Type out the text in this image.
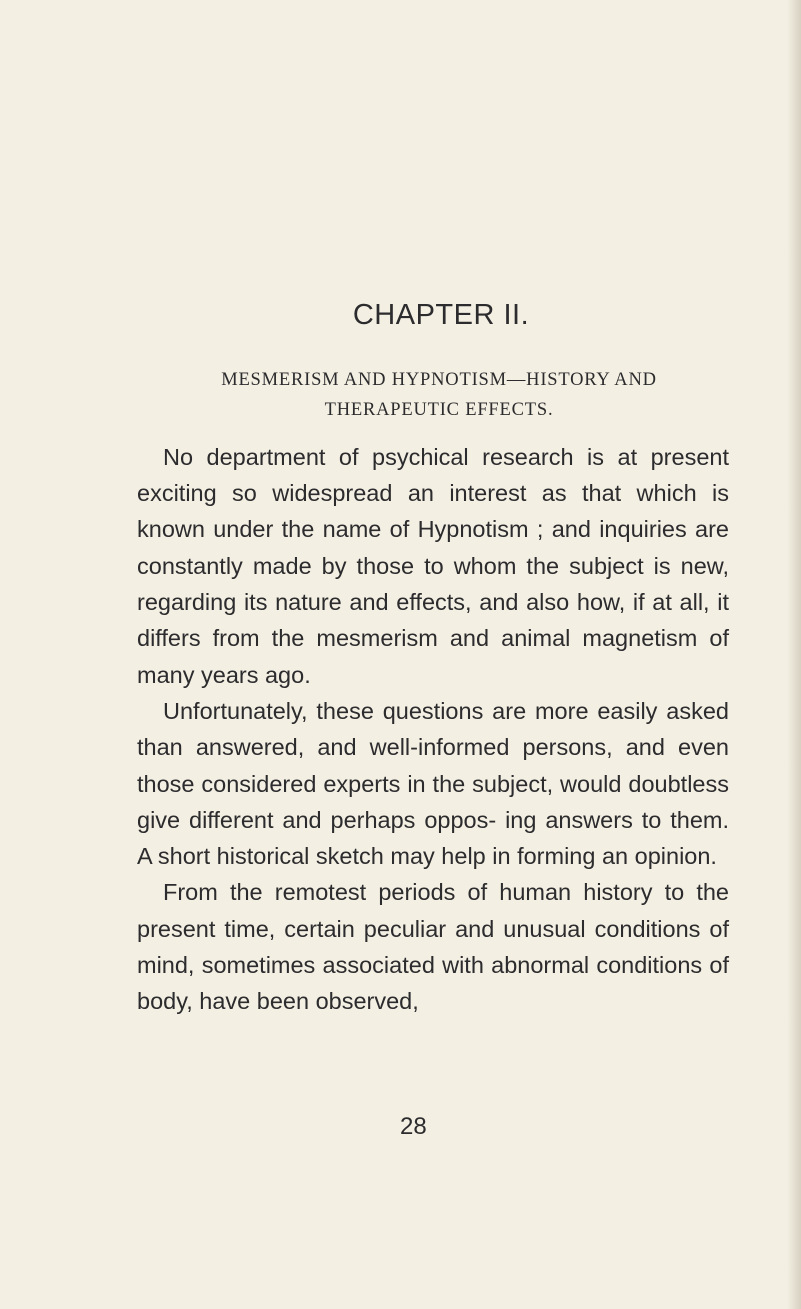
CHAPTER II.
MESMERISM AND HYPNOTISM—HISTORY AND
THERAPEUTIC EFFECTS.

No department of psychical research is at present exciting so widespread an interest as that which is known under the name of Hypnotism ; and inquiries are constantly made by those to whom the subject is new, regarding its nature and effects, and also how, if at all, it differs from the mesmerism and animal magnetism of many years ago.

Unfortunately, these questions are more easily asked than answered, and well-informed persons, and even those considered experts in the subject, would doubtless give different and perhaps oppos- ing answers to them. A short historical sketch may help in forming an opinion.

From the remotest periods of human history to the present time, certain peculiar and unusual conditions of mind, sometimes associated with abnormal conditions of body, have been observed,

28
